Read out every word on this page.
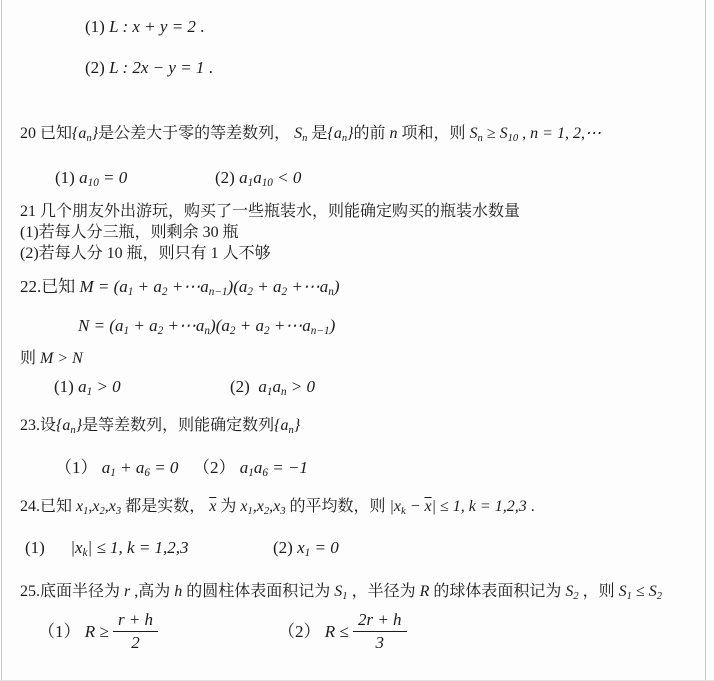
(1) L : x + y = 2 .
(2) L : 2x − y = 1 .
20 已知{an}是公差大于零的等差数列， Sn 是{an}的前 n 项和，则 Sn ≥ S10 , n = 1, 2,⋯
(1) a10 = 0	(2) a1a10 < 0
21 几个朋友外出游玩，购买了一些瓶装水，则能确定购买的瓶装水数量
(1)若每人分三瓶，则剩余 30 瓶
(2)若每人分 10 瓶，则只有 1 人不够
22.已知 M = (a1 + a2 +⋯an−1)(a2 + a2 +⋯an)
N = (a1 + a2 +⋯an)(a2 + a2 +⋯an−1)
则 M > N
(1) a1 > 0	(2)  a1an > 0
23.设{an}是等差数列，则能确定数列{an}
（1） a1 + a6 = 0 （2） a1a6 = −1
24.已知 x1,x2,x3 都是实数， $\overline{x}$ 为 x1,x2,x3 的平均数，则 $|xk - \overline{x}| \le 1$, k = 1,2,3 .
(1)      |xk| ≤ 1, k = 1,2,3	(2) x1 = 0
25.底面半径为 r ,高为 h 的圆柱体表面积记为 S1 ，半径为 R 的球体表面积记为 S2 ，则 S1 ≤ S2
（1） $R \ge \frac{r + h}{2}$	（2） $R \le \frac{2r + h}{3}$
